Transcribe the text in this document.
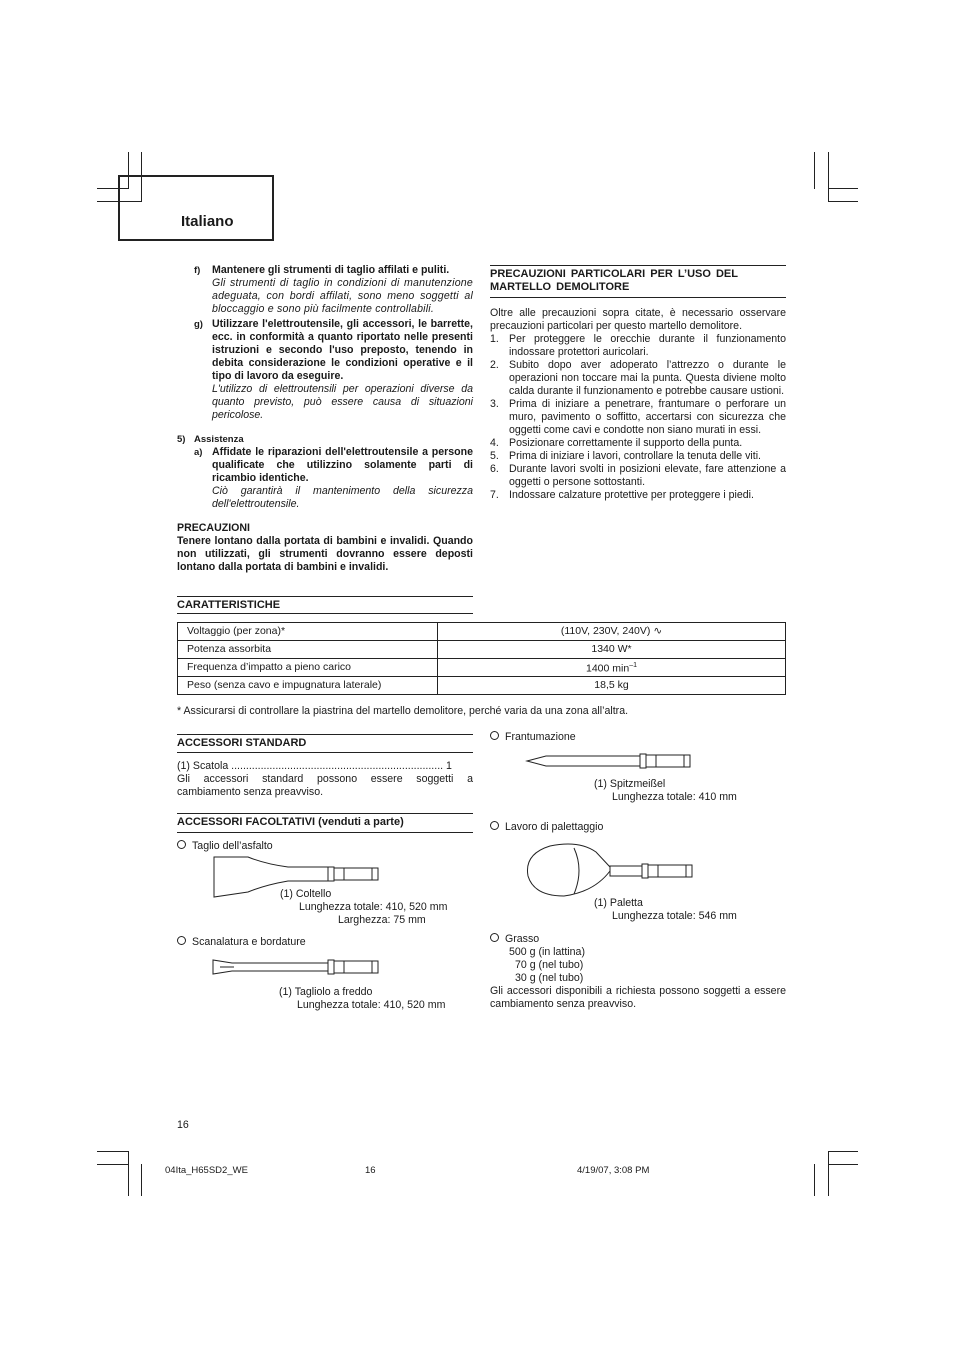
Italiano
f) Mantenere gli strumenti di taglio affilati e puliti.
Gli strumenti di taglio in condizioni di manutenzione adeguata, con bordi affilati, sono meno soggetti al bloccaggio e sono più facilmente controllabili.
g) Utilizzare l'elettroutensile, gli accessori, le barrette, ecc. in conformità a quanto riportato nelle presenti istruzioni e secondo l'uso preposto, tenendo in debita considerazione le condizioni operative e il tipo di lavoro da eseguire.
L'utilizzo di elettroutensili per operazioni diverse da quanto previsto, può essere causa di situazioni pericolose.
5) Assistenza
a) Affidate le riparazioni dell'elettroutensile a persone qualificate che utilizzino solamente parti di ricambio identiche.
Ciò garantirà il mantenimento della sicurezza dell'elettroutensile.
PRECAUZIONI
Tenere lontano dalla portata di bambini e invalidi. Quando non utilizzati, gli strumenti dovranno essere deposti lontano dalla portata di bambini e invalidi.
PRECAUZIONI PARTICOLARI PER L’USO DEL
MARTELLO DEMOLITORE
Oltre alle precauzioni sopra citate, è necessario osservare precauzioni particolari per questo martello demolitore.
1. Per proteggere le orecchie durante il funzionamento indossare protettori auricolari.
2. Subito dopo aver adoperato l’attrezzo o durante le operazioni non toccare mai la punta. Questa diviene molto calda durante il funzionamento e potrebbe causare ustioni.
3. Prima di iniziare a penetrare, frantumare o perforare un muro, pavimento o soffitto, accertarsi con sicurezza che oggetti come cavi e condotte non siano murati in essi.
4. Posizionare correttamente il supporto della punta.
5. Prima di iniziare i lavori, controllare la tenuta delle viti.
6. Durante lavori svolti in posizioni elevate, fare attenzione a oggetti o persone sottostanti.
7. Indossare calzature protettive per proteggere i piedi.
CARATTERISTICHE
Voltaggio (per zona)*	(110V, 230V, 240V) ∿
Potenza assorbita	1340 W*
Frequenza d’impatto a pieno carico	1400 $\min^{-1}$
Peso (senza cavo e impugnatura laterale)	18,5 kg
* Assicurarsi di controllare la piastrina del martello demolitore, perché varia da una zona all’altra.
ACCESSORI STANDARD
(1) Scatola ........................................................................ 1
Gli accessori standard possono essere soggetti a cambiamento senza preavviso.
ACCESSORI FACOLTATIVI (venduti a parte)
Taglio dell’asfalto
(1) Coltello
Lunghezza totale: 410, 520 mm
Larghezza: 75 mm
Scanalatura e bordature
(1) Tagliolo a freddo
Lunghezza totale: 410, 520 mm
Frantumazione
(1) Spitzmeißel
Lunghezza totale: 410 mm
Lavoro di palettaggio
(1) Paletta
Lunghezza totale: 546 mm
Grasso
500 g (in lattina)
70 g (nel tubo)
30 g (nel tubo)
Gli accessori disponibili a richiesta possono soggetti a essere cambiamento senza preavviso.
16
04Ita_H65SD2_WE	16	4/19/07, 3:08 PM
